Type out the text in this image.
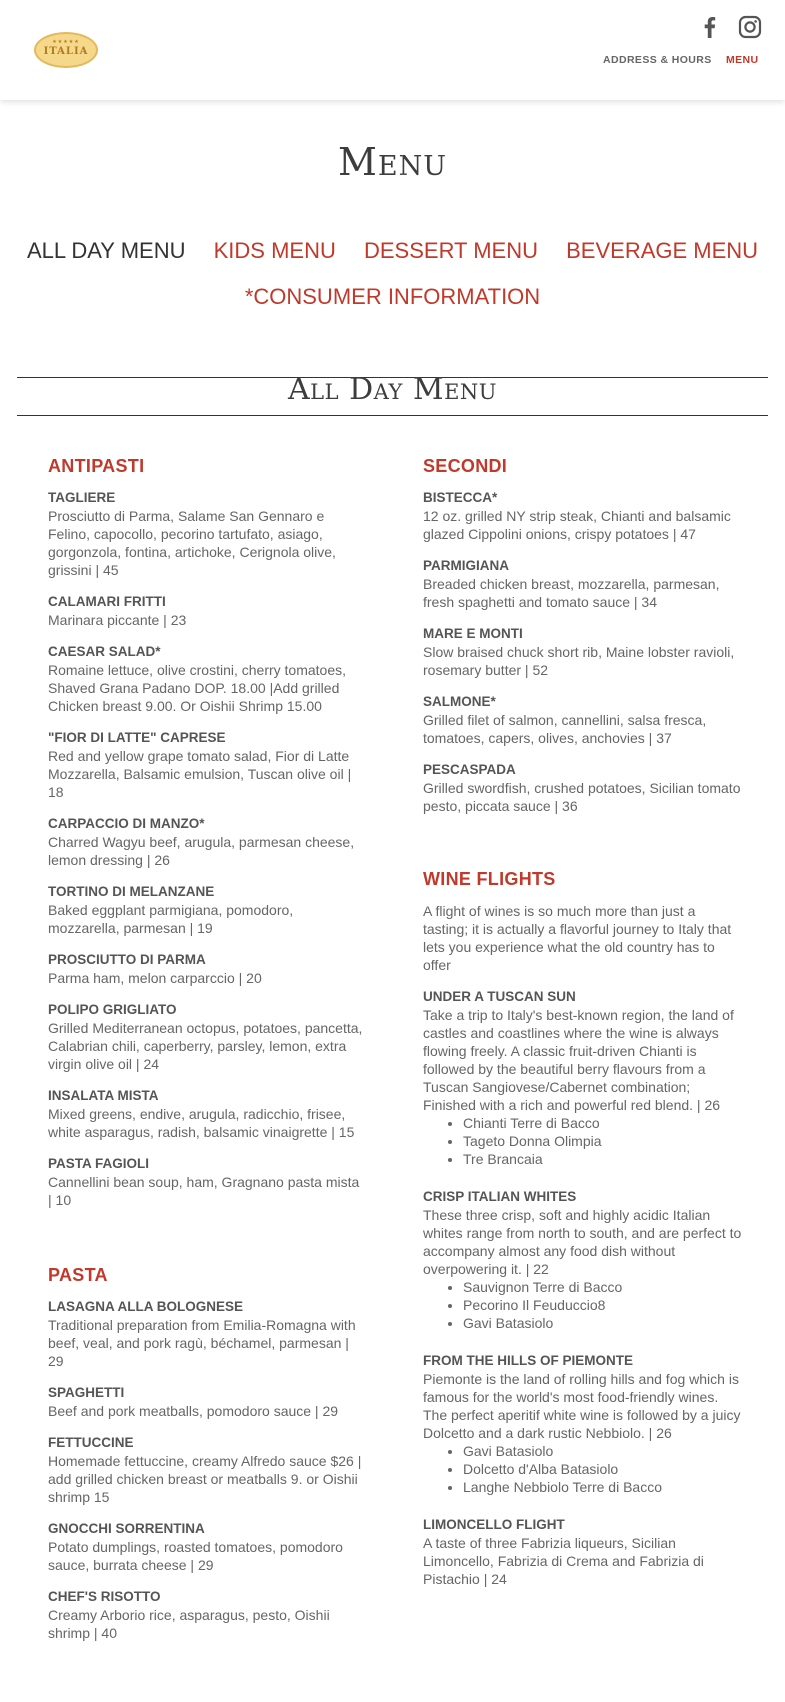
★★★★★
ITALIA
ADDRESS & HOURS MENU
Menu
ALL DAY MENU KIDS MENU DESSERT MENU BEVERAGE MENU
*CONSUMER INFORMATION
All Day Menu
ANTIPASTI
TAGLIERE
Prosciutto di Parma, Salame San Gennaro e Felino, capocollo, pecorino tartufato, asiago, gorgonzola, fontina, artichoke, Cerignola olive, grissini | 45
CALAMARI FRITTI
Marinara piccante | 23
CAESAR SALAD*
Romaine lettuce, olive crostini, cherry tomatoes, Shaved Grana Padano DOP. 18.00 |Add grilled Chicken breast 9.00. Or Oishii Shrimp 15.00
"FIOR DI LATTE" CAPRESE
Red and yellow grape tomato salad, Fior di Latte Mozzarella, Balsamic emulsion, Tuscan olive oil | 18
CARPACCIO DI MANZO*
Charred Wagyu beef, arugula, parmesan cheese, lemon dressing | 26
TORTINO DI MELANZANE
Baked eggplant parmigiana, pomodoro, mozzarella, parmesan | 19
PROSCIUTTO DI PARMA
Parma ham, melon carparccio | 20
POLIPO GRIGLIATO
Grilled Mediterranean octopus, potatoes, pancetta, Calabrian chili, caperberry, parsley, lemon, extra virgin olive oil | 24
INSALATA MISTA
Mixed greens, endive, arugula, radicchio, frisee, white asparagus, radish, balsamic vinaigrette | 15
PASTA FAGIOLI
Cannellini bean soup, ham, Gragnano pasta mista | 10
PASTA
LASAGNA ALLA BOLOGNESE
Traditional preparation from Emilia-Romagna with beef, veal, and pork ragù, béchamel, parmesan | 29
SPAGHETTI
Beef and pork meatballs, pomodoro sauce | 29
FETTUCCINE
Homemade fettuccine, creamy Alfredo sauce $26 | add grilled chicken breast or meatballs 9. or Oishii shrimp 15
GNOCCHI SORRENTINA
Potato dumplings, roasted tomatoes, pomodoro sauce, burrata cheese | 29
CHEF'S RISOTTO
Creamy Arborio rice, asparagus, pesto, Oishii shrimp | 40
SECONDI
BISTECCA*
12 oz. grilled NY strip steak, Chianti and balsamic glazed Cippolini onions, crispy potatoes | 47
PARMIGIANA
Breaded chicken breast, mozzarella, parmesan, fresh spaghetti and tomato sauce | 34
MARE E MONTI
Slow braised chuck short rib, Maine lobster ravioli, rosemary butter | 52
SALMONE*
Grilled filet of salmon, cannellini, salsa fresca, tomatoes, capers, olives, anchovies | 37
PESCASPADA
Grilled swordfish, crushed potatoes, Sicilian tomato pesto, piccata sauce | 36
WINE FLIGHTS
A flight of wines is so much more than just a tasting; it is actually a flavorful journey to Italy that lets you experience what the old country has to offer
UNDER A TUSCAN SUN
Take a trip to Italy's best-known region, the land of castles and coastlines where the wine is always flowing freely. A classic fruit-driven Chianti is followed by the beautiful berry flavours from a Tuscan Sangiovese/Cabernet combination; Finished with a rich and powerful red blend. | 26
• Chianti Terre di Bacco
• Tageto Donna Olimpia
• Tre Brancaia
CRISP ITALIAN WHITES
These three crisp, soft and highly acidic Italian whites range from north to south, and are perfect to accompany almost any food dish without overpowering it. | 22
• Sauvignon Terre di Bacco
• Pecorino Il Feuduccio8
• Gavi Batasiolo
FROM THE HILLS OF PIEMONTE
Piemonte is the land of rolling hills and fog which is famous for the world's most food-friendly wines. The perfect aperitif white wine is followed by a juicy Dolcetto and a dark rustic Nebbiolo. | 26
• Gavi Batasiolo
• Dolcetto d'Alba Batasiolo
• Langhe Nebbiolo Terre di Bacco
LIMONCELLO FLIGHT
A taste of three Fabrizia liqueurs, Sicilian Limoncello, Fabrizia di Crema and Fabrizia di Pistachio | 24
